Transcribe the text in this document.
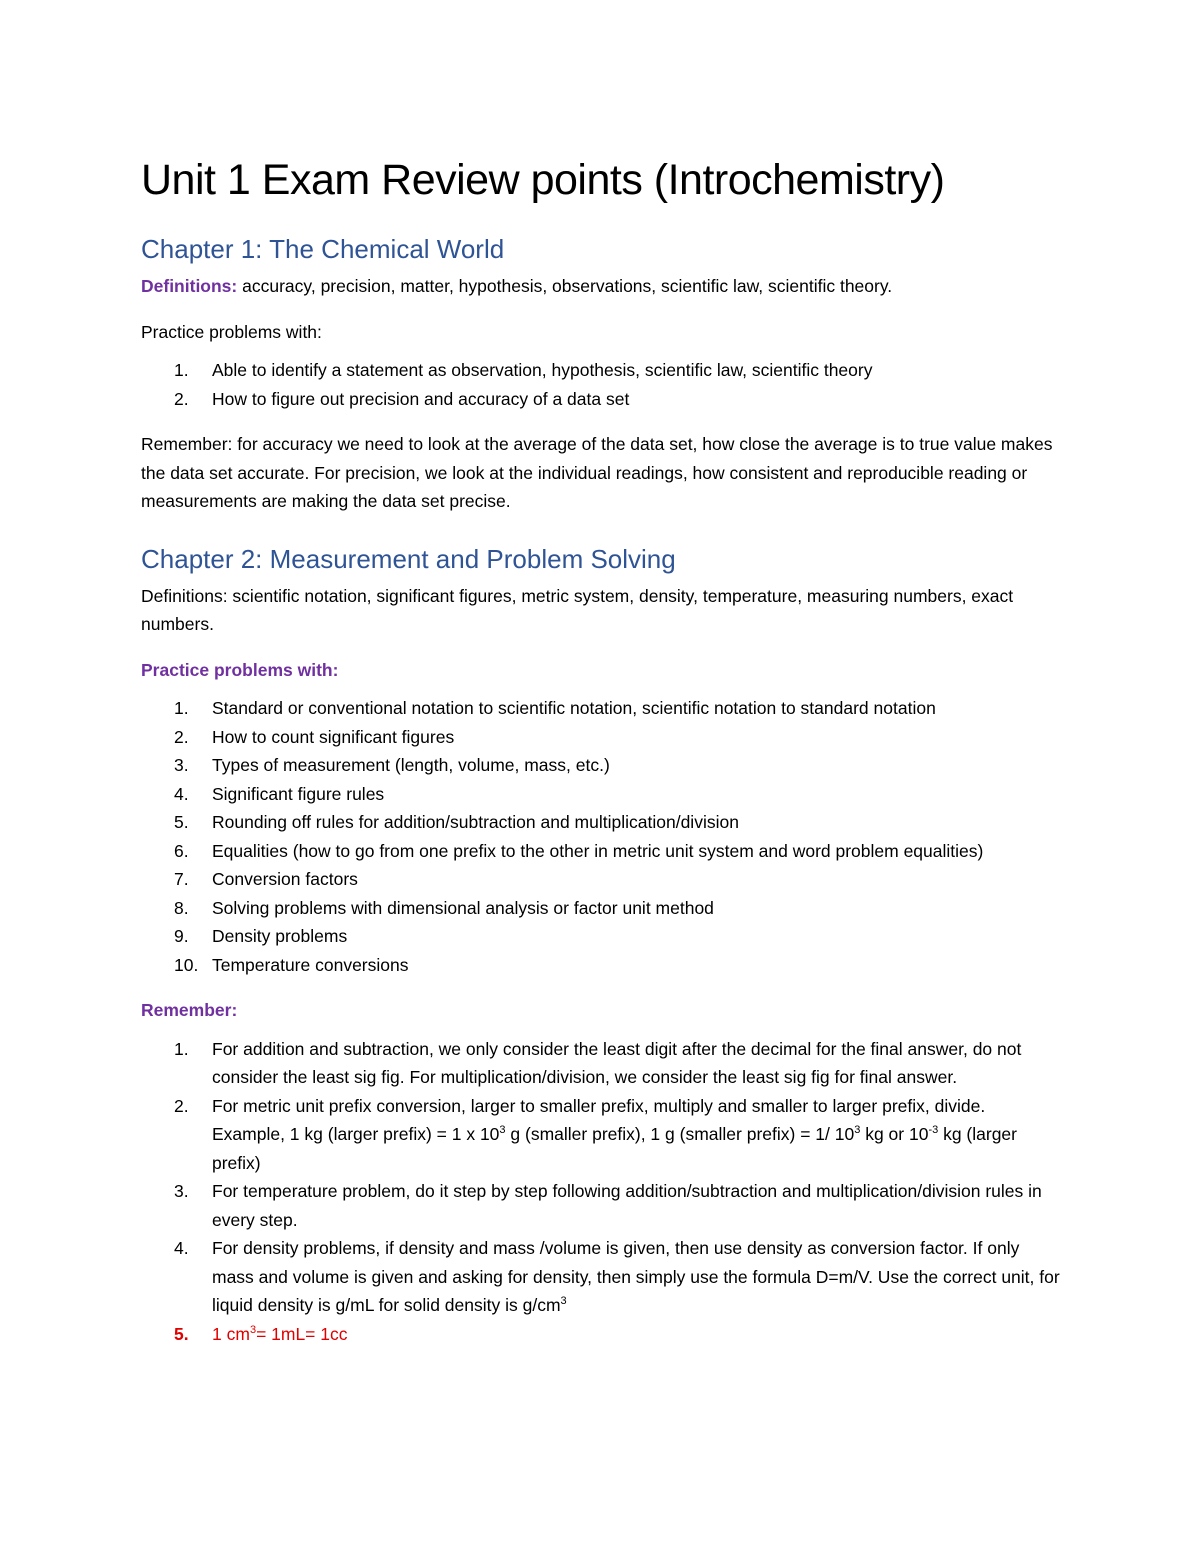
Unit 1 Exam Review points (Introchemistry)
Chapter 1: The Chemical World

Definitions: accuracy, precision, matter, hypothesis, observations, scientific law, scientific theory.

Practice problems with:

1. Able to identify a statement as observation, hypothesis, scientific law, scientific theory
2. How to figure out precision and accuracy of a data set

Remember: for accuracy we need to look at the average of the data set, how close the average is to true value makes the data set accurate. For precision, we look at the individual readings, how consistent and reproducible reading or measurements are making the data set precise.

Chapter 2: Measurement and Problem Solving

Definitions: scientific notation, significant figures, metric system, density, temperature, measuring numbers, exact numbers.

Practice problems with:

1. Standard or conventional notation to scientific notation, scientific notation to standard notation
2. How to count significant figures
3. Types of measurement (length, volume, mass, etc.)
4. Significant figure rules
5. Rounding off rules for addition/subtraction and multiplication/division
6. Equalities (how to go from one prefix to the other in metric unit system and word problem equalities)
7. Conversion factors
8. Solving problems with dimensional analysis or factor unit method
9. Density problems
10. Temperature conversions

Remember:

1. For addition and subtraction, we only consider the least digit after the decimal for the final answer, do not consider the least sig fig. For multiplication/division, we consider the least sig fig for final answer.
2. For metric unit prefix conversion, larger to smaller prefix, multiply and smaller to larger prefix, divide. Example, 1 kg (larger prefix) = 1 x $10^3$ g (smaller prefix), 1 g (smaller prefix) = 1/ $10^3$ kg or $10^{-3}$ kg (larger prefix)
3. For temperature problem, do it step by step following addition/subtraction and multiplication/division rules in every step.
4. For density problems, if density and mass /volume is given, then use density as conversion factor. If only mass and volume is given and asking for density, then simply use the formula D=m/V. Use the correct unit, for liquid density is g/mL for solid density is $g/cm^3$
5. 1 $cm^3= 1mL= 1cc$
